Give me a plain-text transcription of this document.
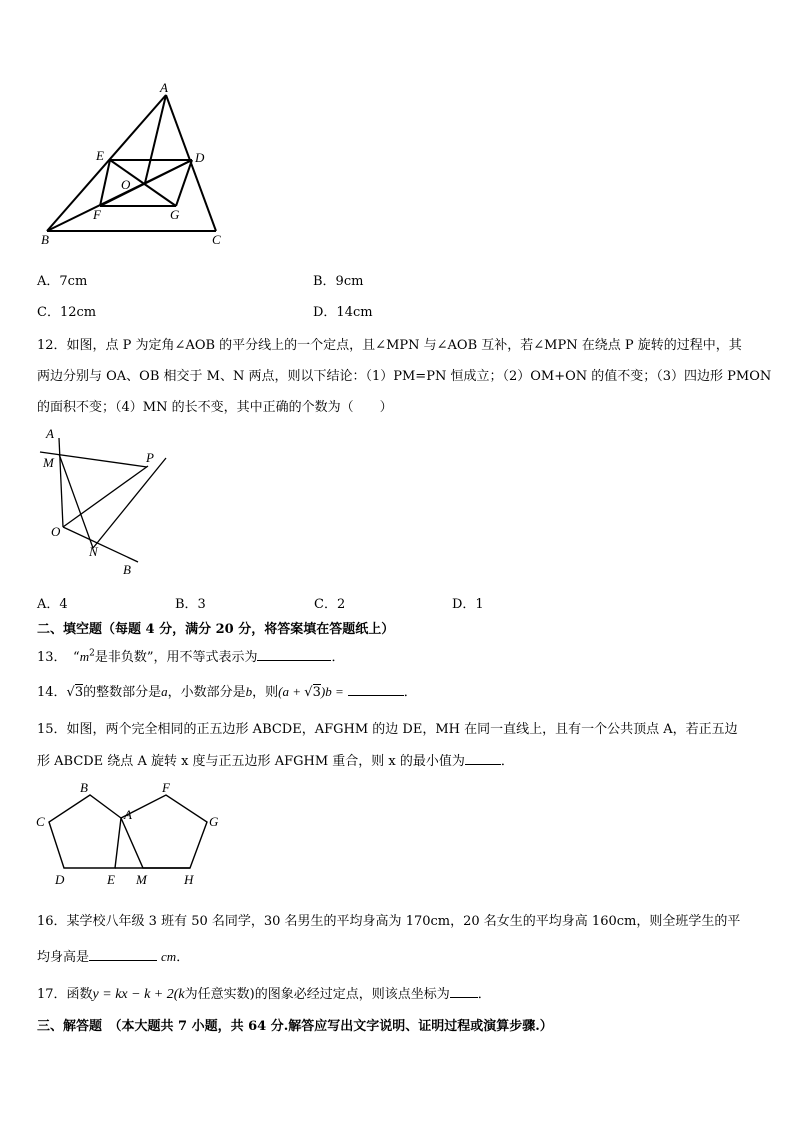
A
E	D
O
F	G
B	C
A．7cm	B．9cm
C．12cm	D．14cm
12．如图，点 P 为定角∠AOB 的平分线上的一个定点，且∠MPN 与∠AOB 互补，若∠MPN 在绕点 P 旋转的过程中，其
两边分别与 OA、OB 相交于 M、N 两点，则以下结论：（1）PM=PN 恒成立；（2）OM+ON 的值不变；（3）四边形 PMON
的面积不变；（4）MN 的长不变，其中正确的个数为（　　）
A
M	P
O
N
B
A．4	B．3	C．2	D．1
二、填空题（每题 4 分，满分 20 分，将答案填在答题纸上）
13．　“$m^2$是非负数”，用不等式表示为	．
14．√3的整数部分是a，小数部分是b，则(a + √3)b =	．
15．如图，两个完全相同的正五边形 ABCDE，AFGHM 的边 DE，MH 在同一直线上，且有一个公共顶点 A，若正五边
形 ABCDE 绕点 A 旋转 x 度与正五边形 AFGHM 重合，则 x 的最小值为	．
B	F
C	A	G
D	E M	H
16．某学校八年级 3 班有 50 名同学，30 名男生的平均身高为 170cm，20 名女生的平均身高 160cm，则全班学生的平
均身高是	cm．
17．函数y = kx − k + 2(k为任意实数)的图象必经过定点，则该点坐标为 ．
三、解答题　（本大题共 7 小题，共 64 分.解答应写出文字说明、证明过程或演算步骤.）
